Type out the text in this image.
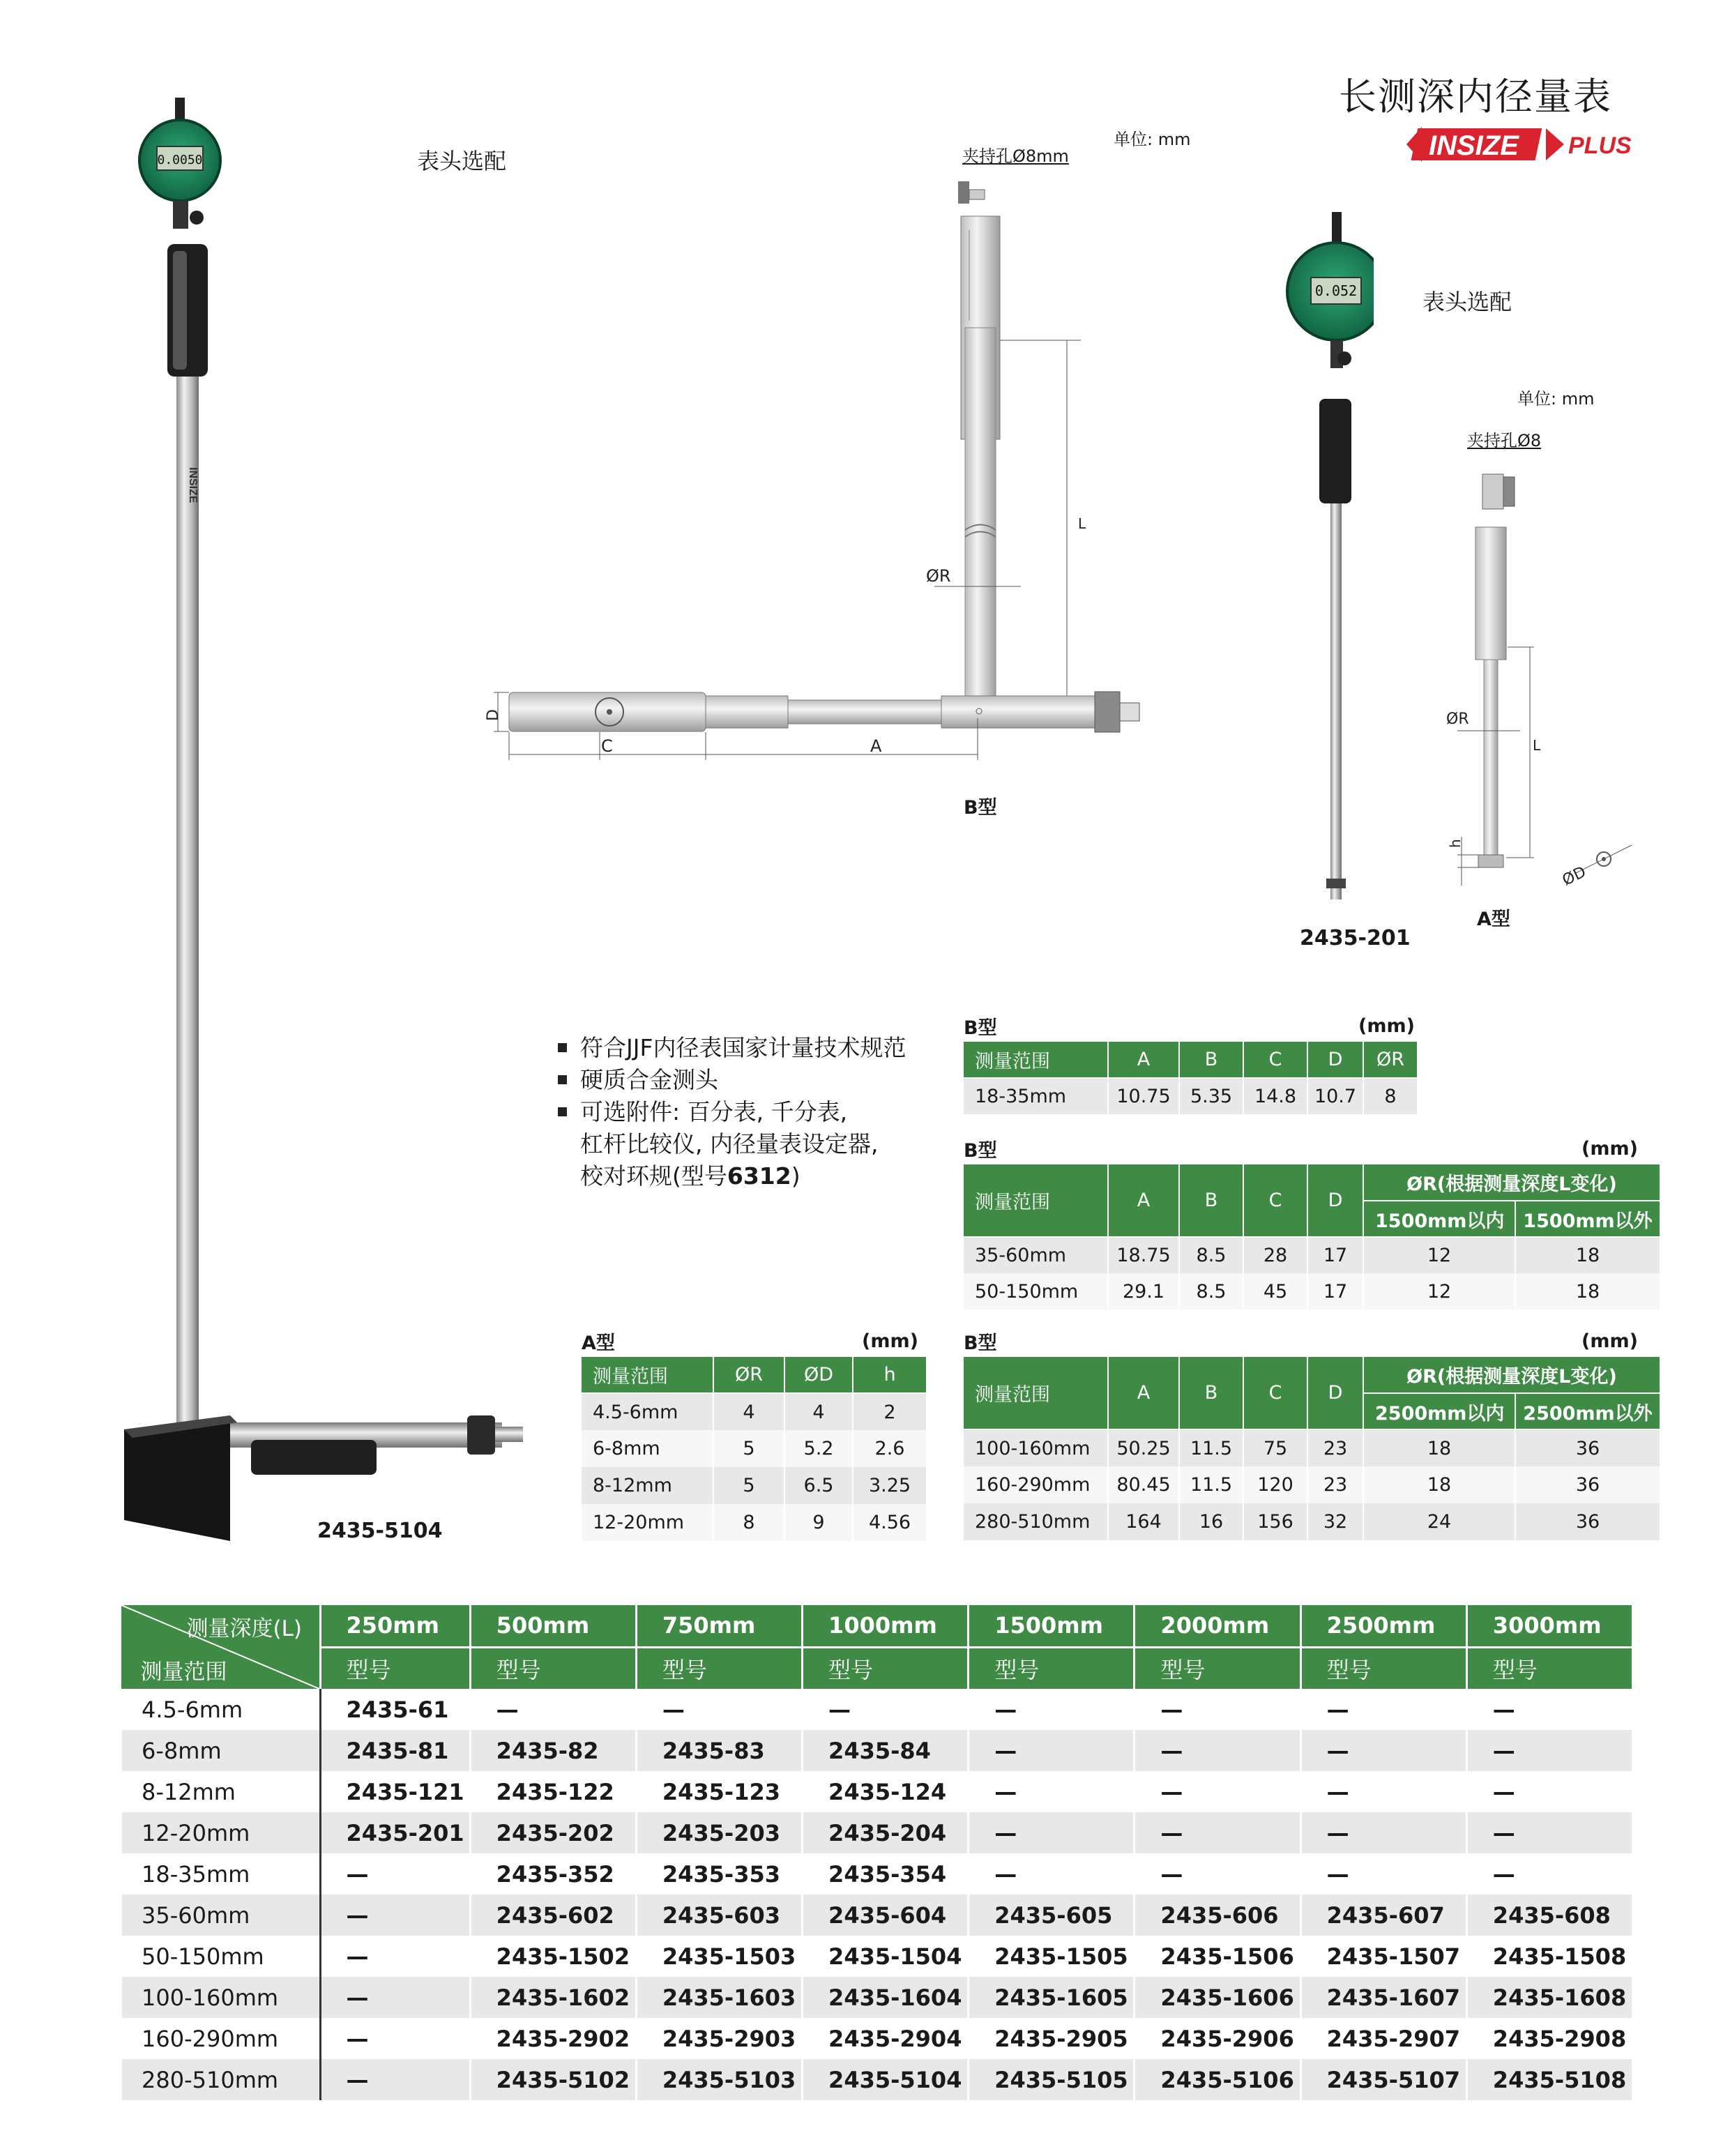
长测深内径量表
INSIZE PLUS
0.0050
INSIZE
表头选配
2435-5104
L
ØR
A
D
C
单位: mm
夹持孔Ø8mm
B型
0.052	表头选配
2435-201
L
ØR
h
ØD
单位: mm
夹持孔Ø8
A型
符合JJF内径表国家计量技术规范
硬质合金测头
可选附件: 百分表, 千分表,
杠杆比较仪, 内径量表设定器,
校对环规(型号6312)
B型	(mm)
测量范围	A	B	C	D	ØR
18-35mm	10.75	5.35	14.8	10.7	8
B型	(mm)
测量范围	A	B	C	D	ØR(根据测量深度L变化)	
					1500mm以内	1500mm以外
35-60mm	18.75	8.5	28	17	12	18
50-150mm	29.1	8.5	45	17	12	18
A型	(mm)
测量范围	ØR	ØD	h
4.5-6mm	4	4	2
6-8mm	5	5.2	2.6
8-12mm	5	6.5	3.25
12-20mm	8	9	4.56
B型	(mm)
测量范围	A	B	C	D	ØR(根据测量深度L变化)	
					2500mm以内	2500mm以外
100-160mm	50.25	11.5	75	23	18	36
160-290mm	80.45	11.5	120	23	18	36
280-510mm	164	16	156	32	24	36
测量深度(L)
测量范围	250mm	500mm	750mm	1000mm	1500mm	2000mm	2500mm	3000mm
	型号	型号	型号	型号	型号	型号	型号	型号
4.5-6mm	2435-61	—	—	—	—	—	—	—
6-8mm	2435-81	2435-82	2435-83	2435-84	—	—	—	—
8-12mm	2435-121	2435-122	2435-123	2435-124	—	—	—	—
12-20mm	2435-201	2435-202	2435-203	2435-204	—	—	—	—
18-35mm	—	2435-352	2435-353	2435-354	—	—	—	—
35-60mm	—	2435-602	2435-603	2435-604	2435-605	2435-606	2435-607	2435-608
50-150mm	—	2435-1502	2435-1503	2435-1504	2435-1505	2435-1506	2435-1507	2435-1508
100-160mm	—	2435-1602	2435-1603	2435-1604	2435-1605	2435-1606	2435-1607	2435-1608
160-290mm	—	2435-2902	2435-2903	2435-2904	2435-2905	2435-2906	2435-2907	2435-2908
280-510mm	—	2435-5102	2435-5103	2435-5104	2435-5105	2435-5106	2435-5107	2435-5108
